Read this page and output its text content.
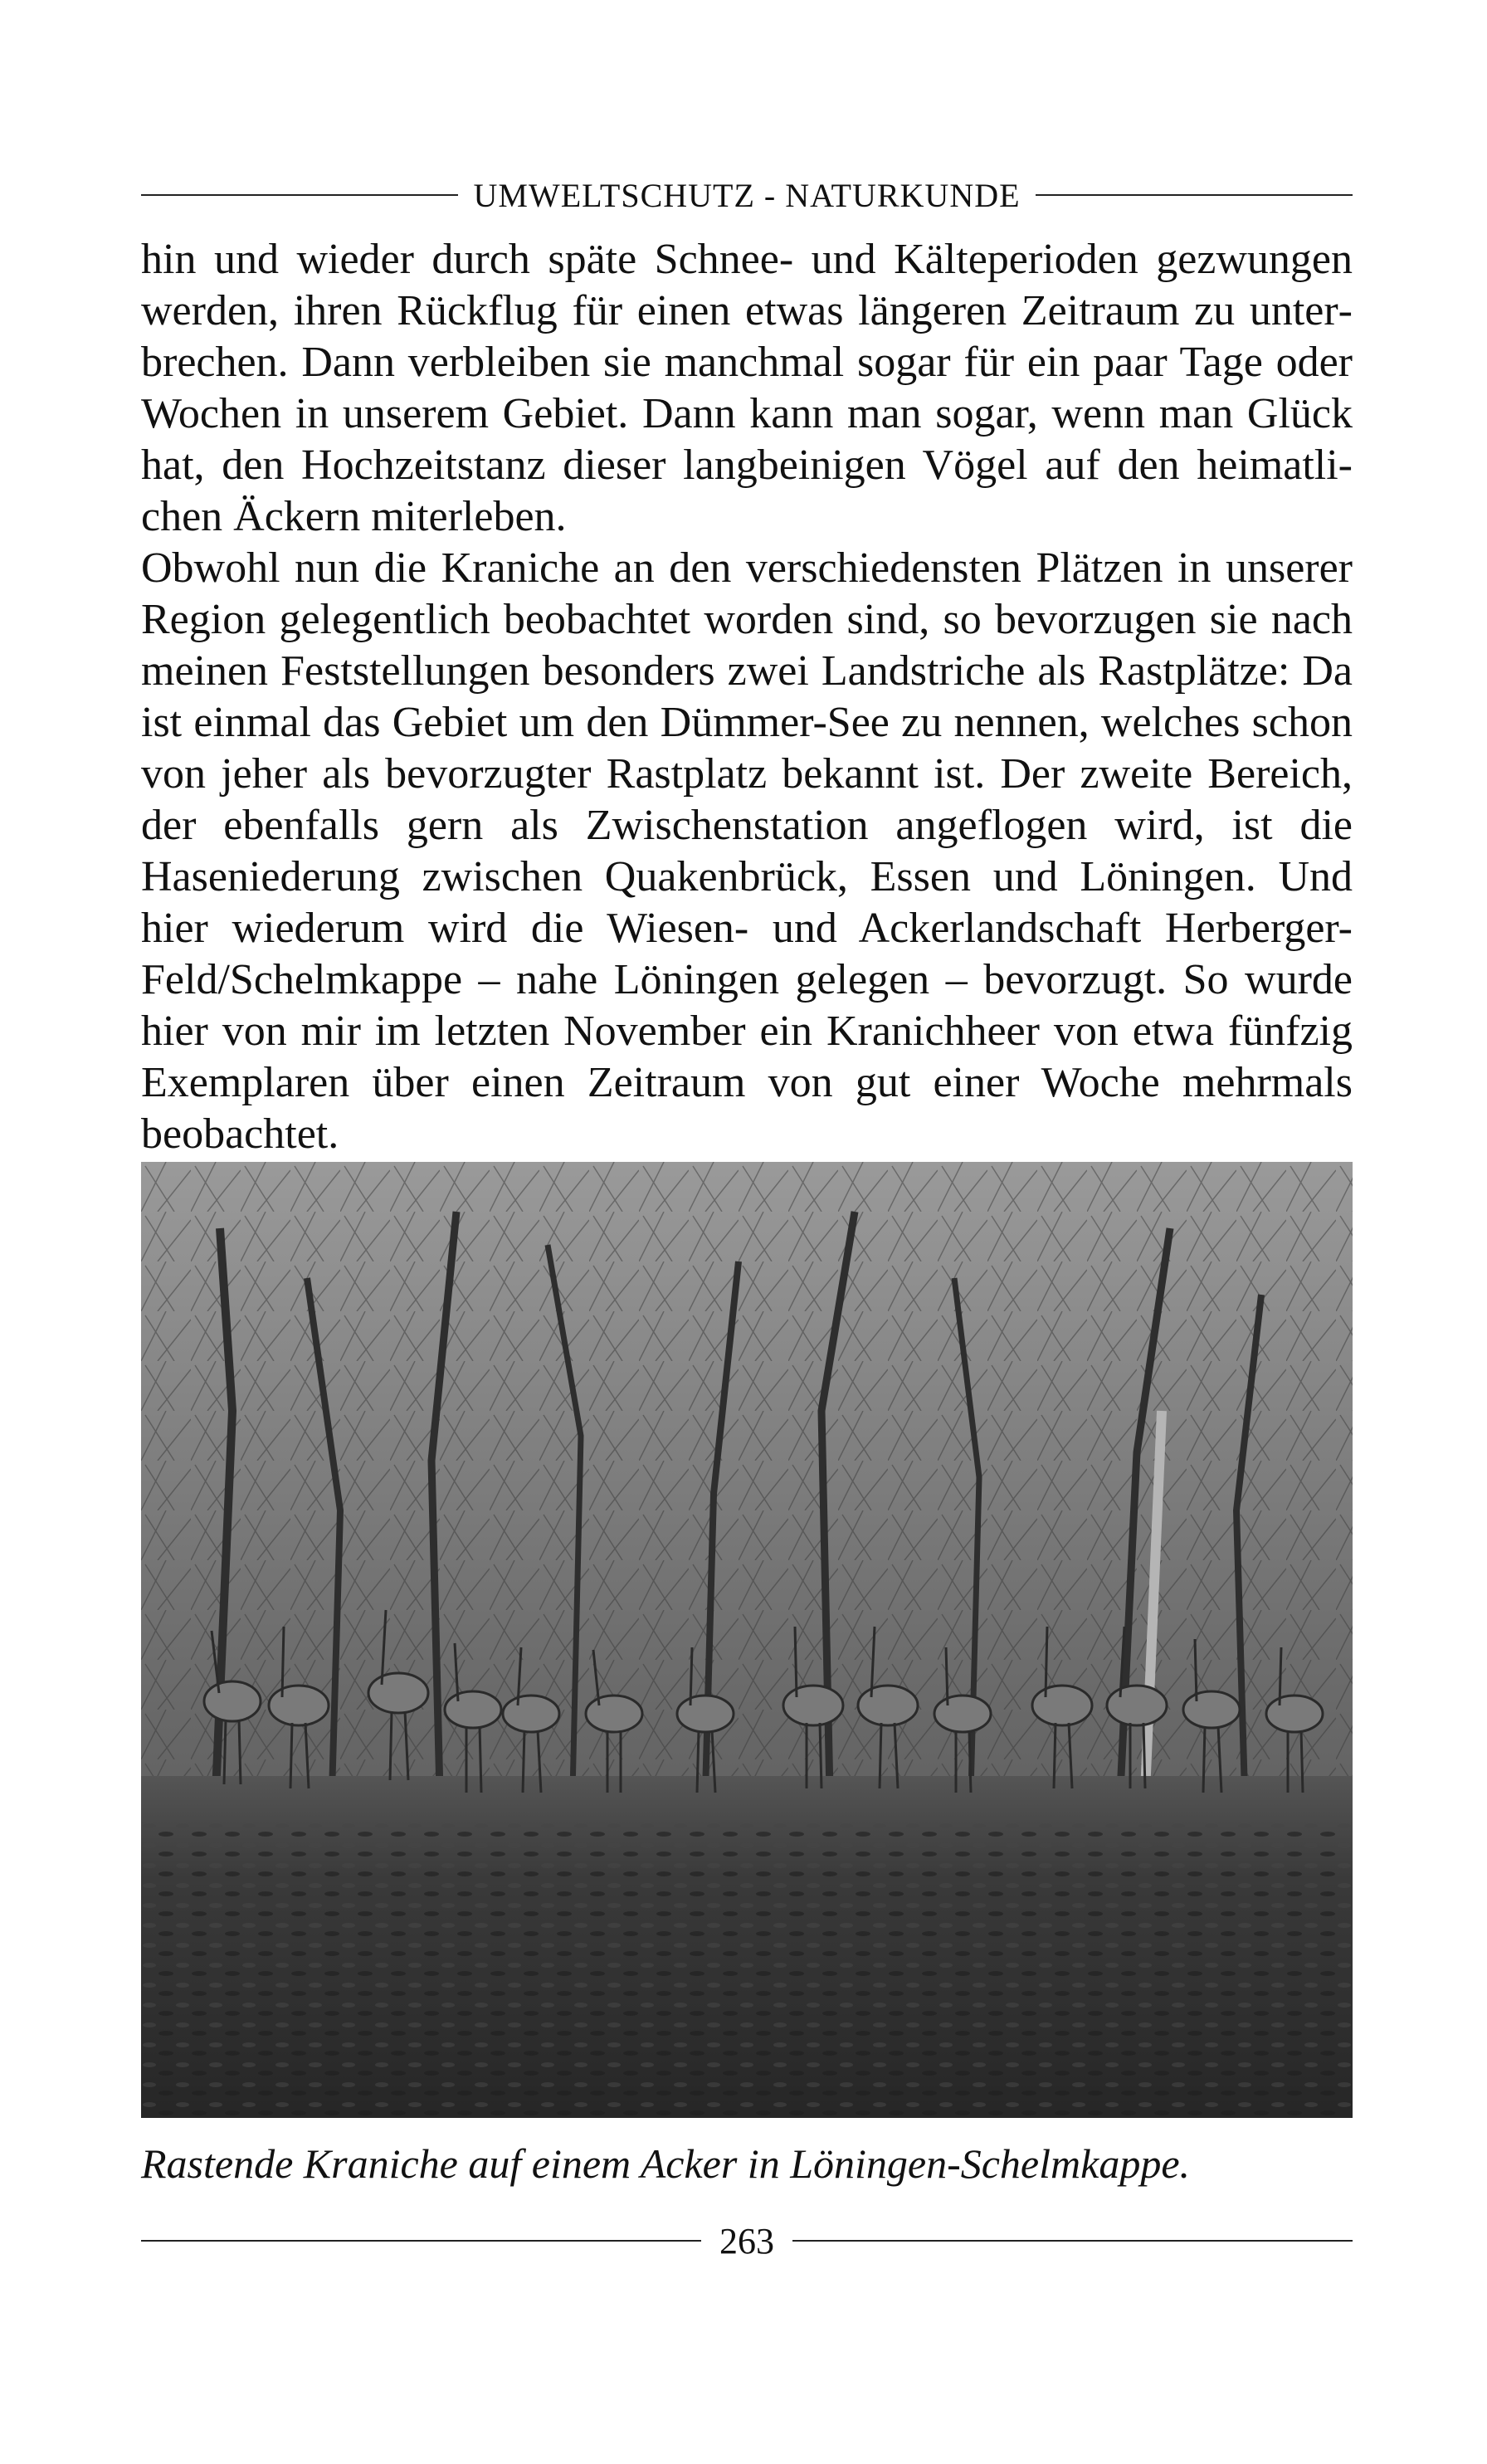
UMWELTSCHUTZ - NATURKUNDE

hin und wieder durch späte Schnee- und Kälteperioden gezwungen werden, ihren Rückflug für einen etwas längeren Zeitraum zu unterbrechen. Dann verbleiben sie manchmal sogar für ein paar Tage oder Wochen in unserem Gebiet. Dann kann man sogar, wenn man Glück hat, den Hochzeitstanz dieser langbeinigen Vögel auf den heimatlichen Äckern miterleben.

Obwohl nun die Kraniche an den verschiedensten Plätzen in unserer Region gelegentlich beobachtet worden sind, so bevorzugen sie nach meinen Feststellungen besonders zwei Landstriche als Rastplätze: Da ist einmal das Gebiet um den Dümmer-See zu nennen, welches schon von jeher als bevorzugter Rastplatz bekannt ist. Der zweite Bereich, der ebenfalls gern als Zwischenstation angeflogen wird, ist die Haseniederung zwischen Quakenbrück, Essen und Löningen. Und hier wiederum wird die Wiesen- und Ackerlandschaft Herberger-Feld/Schelmkappe – nahe Löningen gelegen – bevorzugt. So wurde hier von mir im letzten November ein Kranichheer von etwa fünfzig Exemplaren über einen Zeitraum von gut einer Woche mehrmals beobachtet.

Rastende Kraniche auf einem Acker in Löningen-Schelmkappe.
263
